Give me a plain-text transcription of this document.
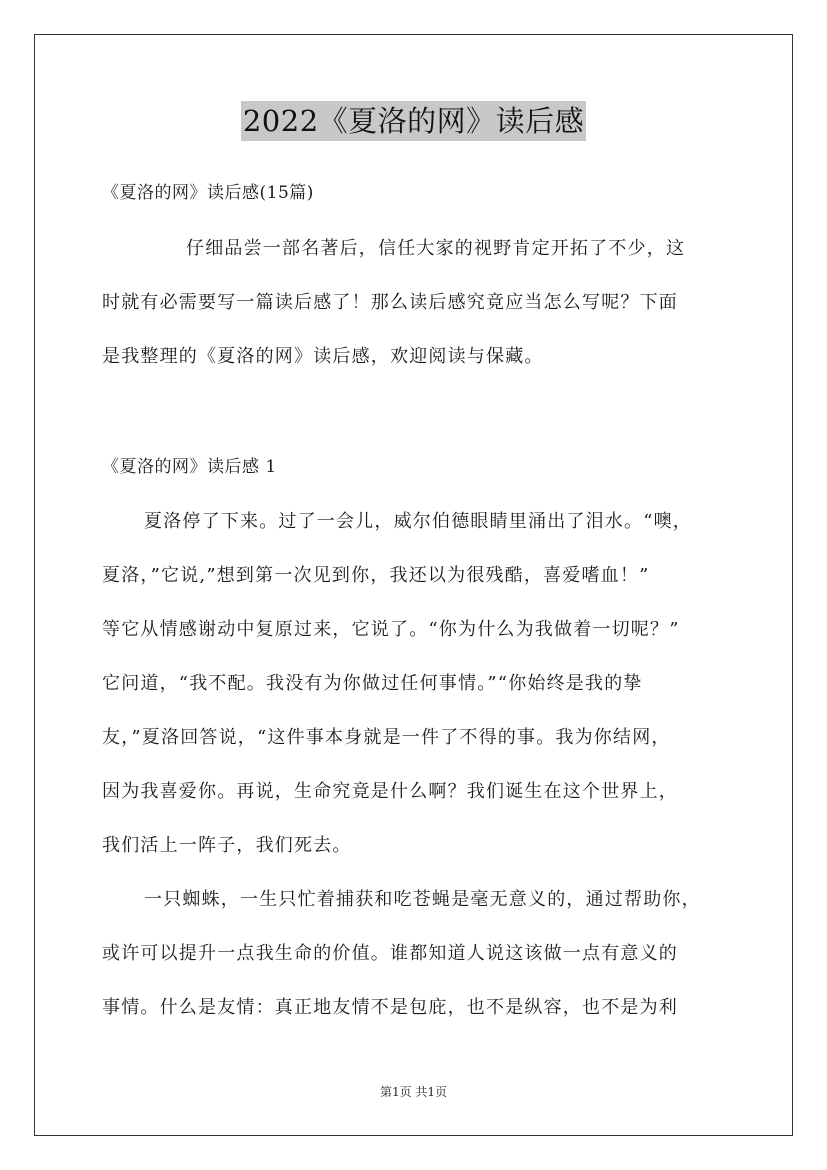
2022《夏洛的网》读后感
《夏洛的网》读后感(15篇)
仔细品尝一部名著后，信任大家的视野肯定开拓了不少，这
时就有必需要写一篇读后感了！那么读后感究竟应当怎么写呢？下面
是我整理的《夏洛的网》读后感，欢迎阅读与保藏。
《夏洛的网》读后感 1
夏洛停了下来。过了一会儿，威尔伯德眼睛里涌出了泪水。“噢，
夏洛，”它说,”想到第一次见到你，我还以为很残酷，喜爱嗜血！”
等它从情感谢动中复原过来，它说了。“你为什么为我做着一切呢？”
它问道，“我不配。我没有为你做过任何事情。”“你始终是我的挚
友，”夏洛回答说，“这件事本身就是一件了不得的事。我为你结网，
因为我喜爱你。再说，生命究竟是什么啊？我们诞生在这个世界上，
我们活上一阵子，我们死去。
一只蜘蛛，一生只忙着捕获和吃苍蝇是毫无意义的，通过帮助你，
或许可以提升一点我生命的价值。谁都知道人说这该做一点有意义的
事情。什么是友情：真正地友情不是包庇，也不是纵容，也不是为利
第1页 共1页
